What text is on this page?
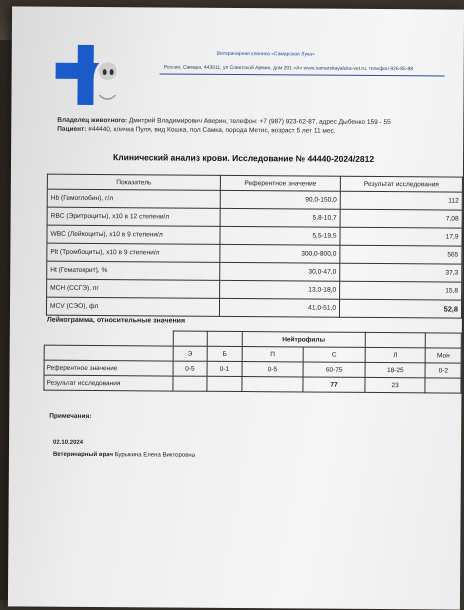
Ветеринарная клиника «Самарская Лука»
Россия, Самара, 443011, ул Советской Армии, дом 201 «А» www.samarskayaluka-vet.ru, телефон 926-85-98
Владелец животного: Дмитрий Владимирович Аверин, телефон: +7 (987) 923-62-87, адрес Дыбенко 159 - 55
Пациент: #44440, кличка Пуля, вид Кошка, пол Самка, порода Метис, возраст 5 лет 11 мес.
Клинический анализ крови. Исследование № 44440-2024/2812
Показатель	Референтное значение	Результат исследования
Hb (Гемоглобин), г/л	90,0-150,0	112
RBC (Эритроциты), x10 в 12 степени/л	5,8-10,7	7,08
WBC (Лейкоциты), x10 в 9 степени/л	5,5-19,5	17,9
Plt (Тромбоциты), x10 в 9 степени/л	300,0-800,0	565
Ht (Гематокрит), %	30,0-47,0	37,3
MCH (ССГЭ), пг	13,0-18,0	15,8
MCV (СЭО), фл	41,0-51,0	52,8
Лейкограмма, относительные значения
			Нейтрофилы			
	Э	Б	П	С	Л	Мон
Референтное значение	0-5	0-1	0-5	60-75	18-25	0-2
Результат исследования				77	23	
Примечания:
02.10.2024
Ветеринарный врач Бурыкина Елена Викторовна
